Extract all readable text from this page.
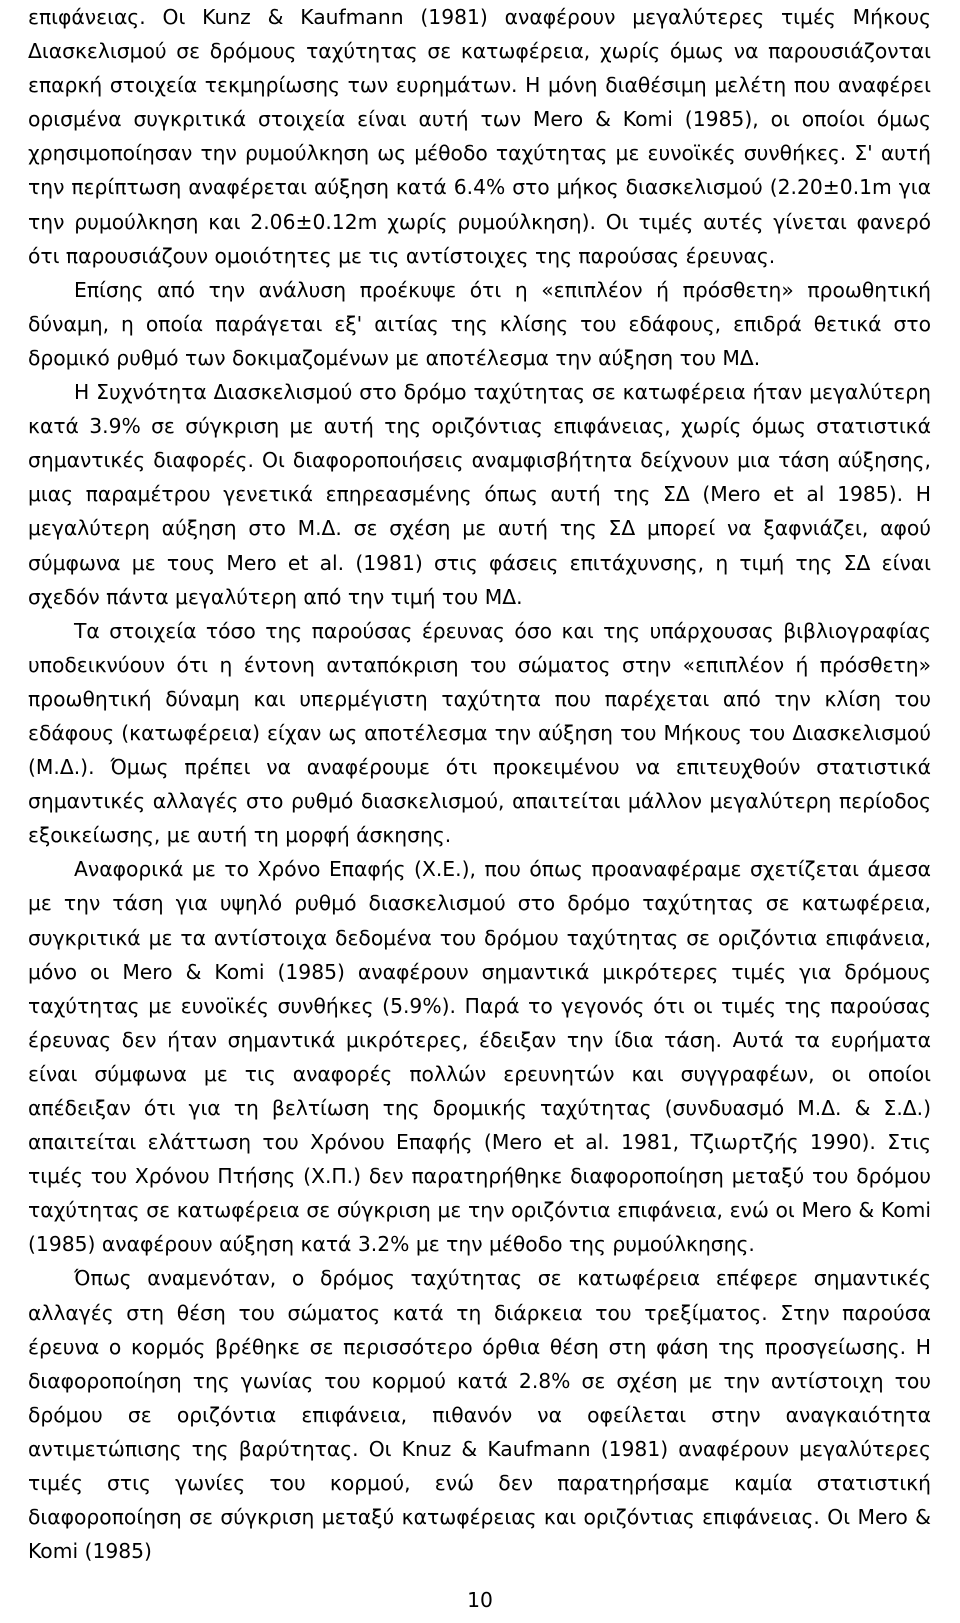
επιφάνειας. Οι Kunz & Kaufmann (1981) αναφέρουν μεγαλύτερες τιμές Μήκους Διασκελισμού σε δρόμους ταχύτητας σε κατωφέρεια, χωρίς όμως να παρουσιάζονται επαρκή στοιχεία τεκμηρίωσης των ευρημάτων. Η μόνη διαθέσιμη μελέτη που αναφέρει ορισμένα συγκριτικά στοιχεία είναι αυτή των Mero & Komi (1985), οι οποίοι όμως χρησιμοποίησαν την ρυμούλκηση ως μέθοδο ταχύτητας με ευνοϊκές συνθήκες. Σ' αυτή την περίπτωση αναφέρεται αύξηση κατά 6.4% στο μήκος διασκελισμού (2.20±0.1m για την ρυμούλκηση και 2.06±0.12m χωρίς ρυμούλκηση). Οι τιμές αυτές γίνεται φανερό ότι παρουσιάζουν ομοιότητες με τις αντίστοιχες της παρούσας έρευνας.

Επίσης από την ανάλυση προέκυψε ότι η «επιπλέον ή πρόσθετη» προωθητική δύναμη, η οποία παράγεται εξ' αιτίας της κλίσης του εδάφους, επιδρά θετικά στο δρομικό ρυθμό των δοκιμαζομένων με αποτέλεσμα την αύξηση του ΜΔ.

Η Συχνότητα Διασκελισμού στο δρόμο ταχύτητας σε κατωφέρεια ήταν μεγαλύτερη κατά 3.9% σε σύγκριση με αυτή της οριζόντιας επιφάνειας, χωρίς όμως στατιστικά σημαντικές διαφορές. Οι διαφοροποιήσεις αναμφισβήτητα δείχνουν μια τάση αύξησης, μιας παραμέτρου γενετικά επηρεασμένης όπως αυτή της ΣΔ (Mero et al 1985). Η μεγαλύτερη αύξηση στο Μ.Δ. σε σχέση με αυτή της ΣΔ μπορεί να ξαφνιάζει, αφού σύμφωνα με τους Mero et al. (1981) στις φάσεις επιτάχυνσης, η τιμή της ΣΔ είναι σχεδόν πάντα μεγαλύτερη από την τιμή του ΜΔ.

Τα στοιχεία τόσο της παρούσας έρευνας όσο και της υπάρχουσας βιβλιογραφίας υποδεικνύουν ότι η έντονη ανταπόκριση του σώματος στην «επιπλέον ή πρόσθετη» προωθητική δύναμη και υπερμέγιστη ταχύτητα που παρέχεται από την κλίση του εδάφους (κατωφέρεια) είχαν ως αποτέλεσμα την αύξηση του Μήκους του Διασκελισμού (Μ.Δ.). Όμως πρέπει να αναφέρουμε ότι προκειμένου να επιτευχθούν στατιστικά σημαντικές αλλαγές στο ρυθμό διασκελισμού, απαιτείται μάλλον μεγαλύτερη περίοδος εξοικείωσης, με αυτή τη μορφή άσκησης.

Αναφορικά με το Χρόνο Επαφής (Χ.Ε.), που όπως προαναφέραμε σχετίζεται άμεσα με την τάση για υψηλό ρυθμό διασκελισμού στο δρόμο ταχύτητας σε κατωφέρεια, συγκριτικά με τα αντίστοιχα δεδομένα του δρόμου ταχύτητας σε οριζόντια επιφάνεια, μόνο οι Mero & Komi (1985) αναφέρουν σημαντικά μικρότερες τιμές για δρόμους ταχύτητας με ευνοϊκές συνθήκες (5.9%). Παρά το γεγονός ότι οι τιμές της παρούσας έρευνας δεν ήταν σημαντικά μικρότερες, έδειξαν την ίδια τάση. Αυτά τα ευρήματα είναι σύμφωνα με τις αναφορές πολλών ερευνητών και συγγραφέων, οι οποίοι απέδειξαν ότι για τη βελτίωση της δρομικής ταχύτητας (συνδυασμό Μ.Δ. & Σ.Δ.) απαιτείται ελάττωση του Χρόνου Επαφής (Mero et al. 1981, Τζιωρτζής 1990). Στις τιμές του Χρόνου Πτήσης (Χ.Π.) δεν παρατηρήθηκε διαφοροποίηση μεταξύ του δρόμου ταχύτητας σε κατωφέρεια σε σύγκριση με την οριζόντια επιφάνεια, ενώ οι Mero & Komi (1985) αναφέρουν αύξηση κατά 3.2% με την μέθοδο της ρυμούλκησης.

Όπως αναμενόταν, ο δρόμος ταχύτητας σε κατωφέρεια επέφερε σημαντικές αλλαγές στη θέση του σώματος κατά τη διάρκεια του τρεξίματος. Στην παρούσα έρευνα ο κορμός βρέθηκε σε περισσότερο όρθια θέση στη φάση της προσγείωσης. Η διαφοροποίηση της γωνίας του κορμού κατά 2.8% σε σχέση με την αντίστοιχη του δρόμου σε οριζόντια επιφάνεια, πιθανόν να οφείλεται στην αναγκαιότητα αντιμετώπισης της βαρύτητας. Οι Knuz & Kaufmann (1981) αναφέρουν μεγαλύτερες τιμές στις γωνίες του κορμού, ενώ δεν παρατηρήσαμε καμία στατιστική διαφοροποίηση σε σύγκριση μεταξύ κατωφέρειας και οριζόντιας επιφάνειας. Οι Mero & Komi (1985)

10
